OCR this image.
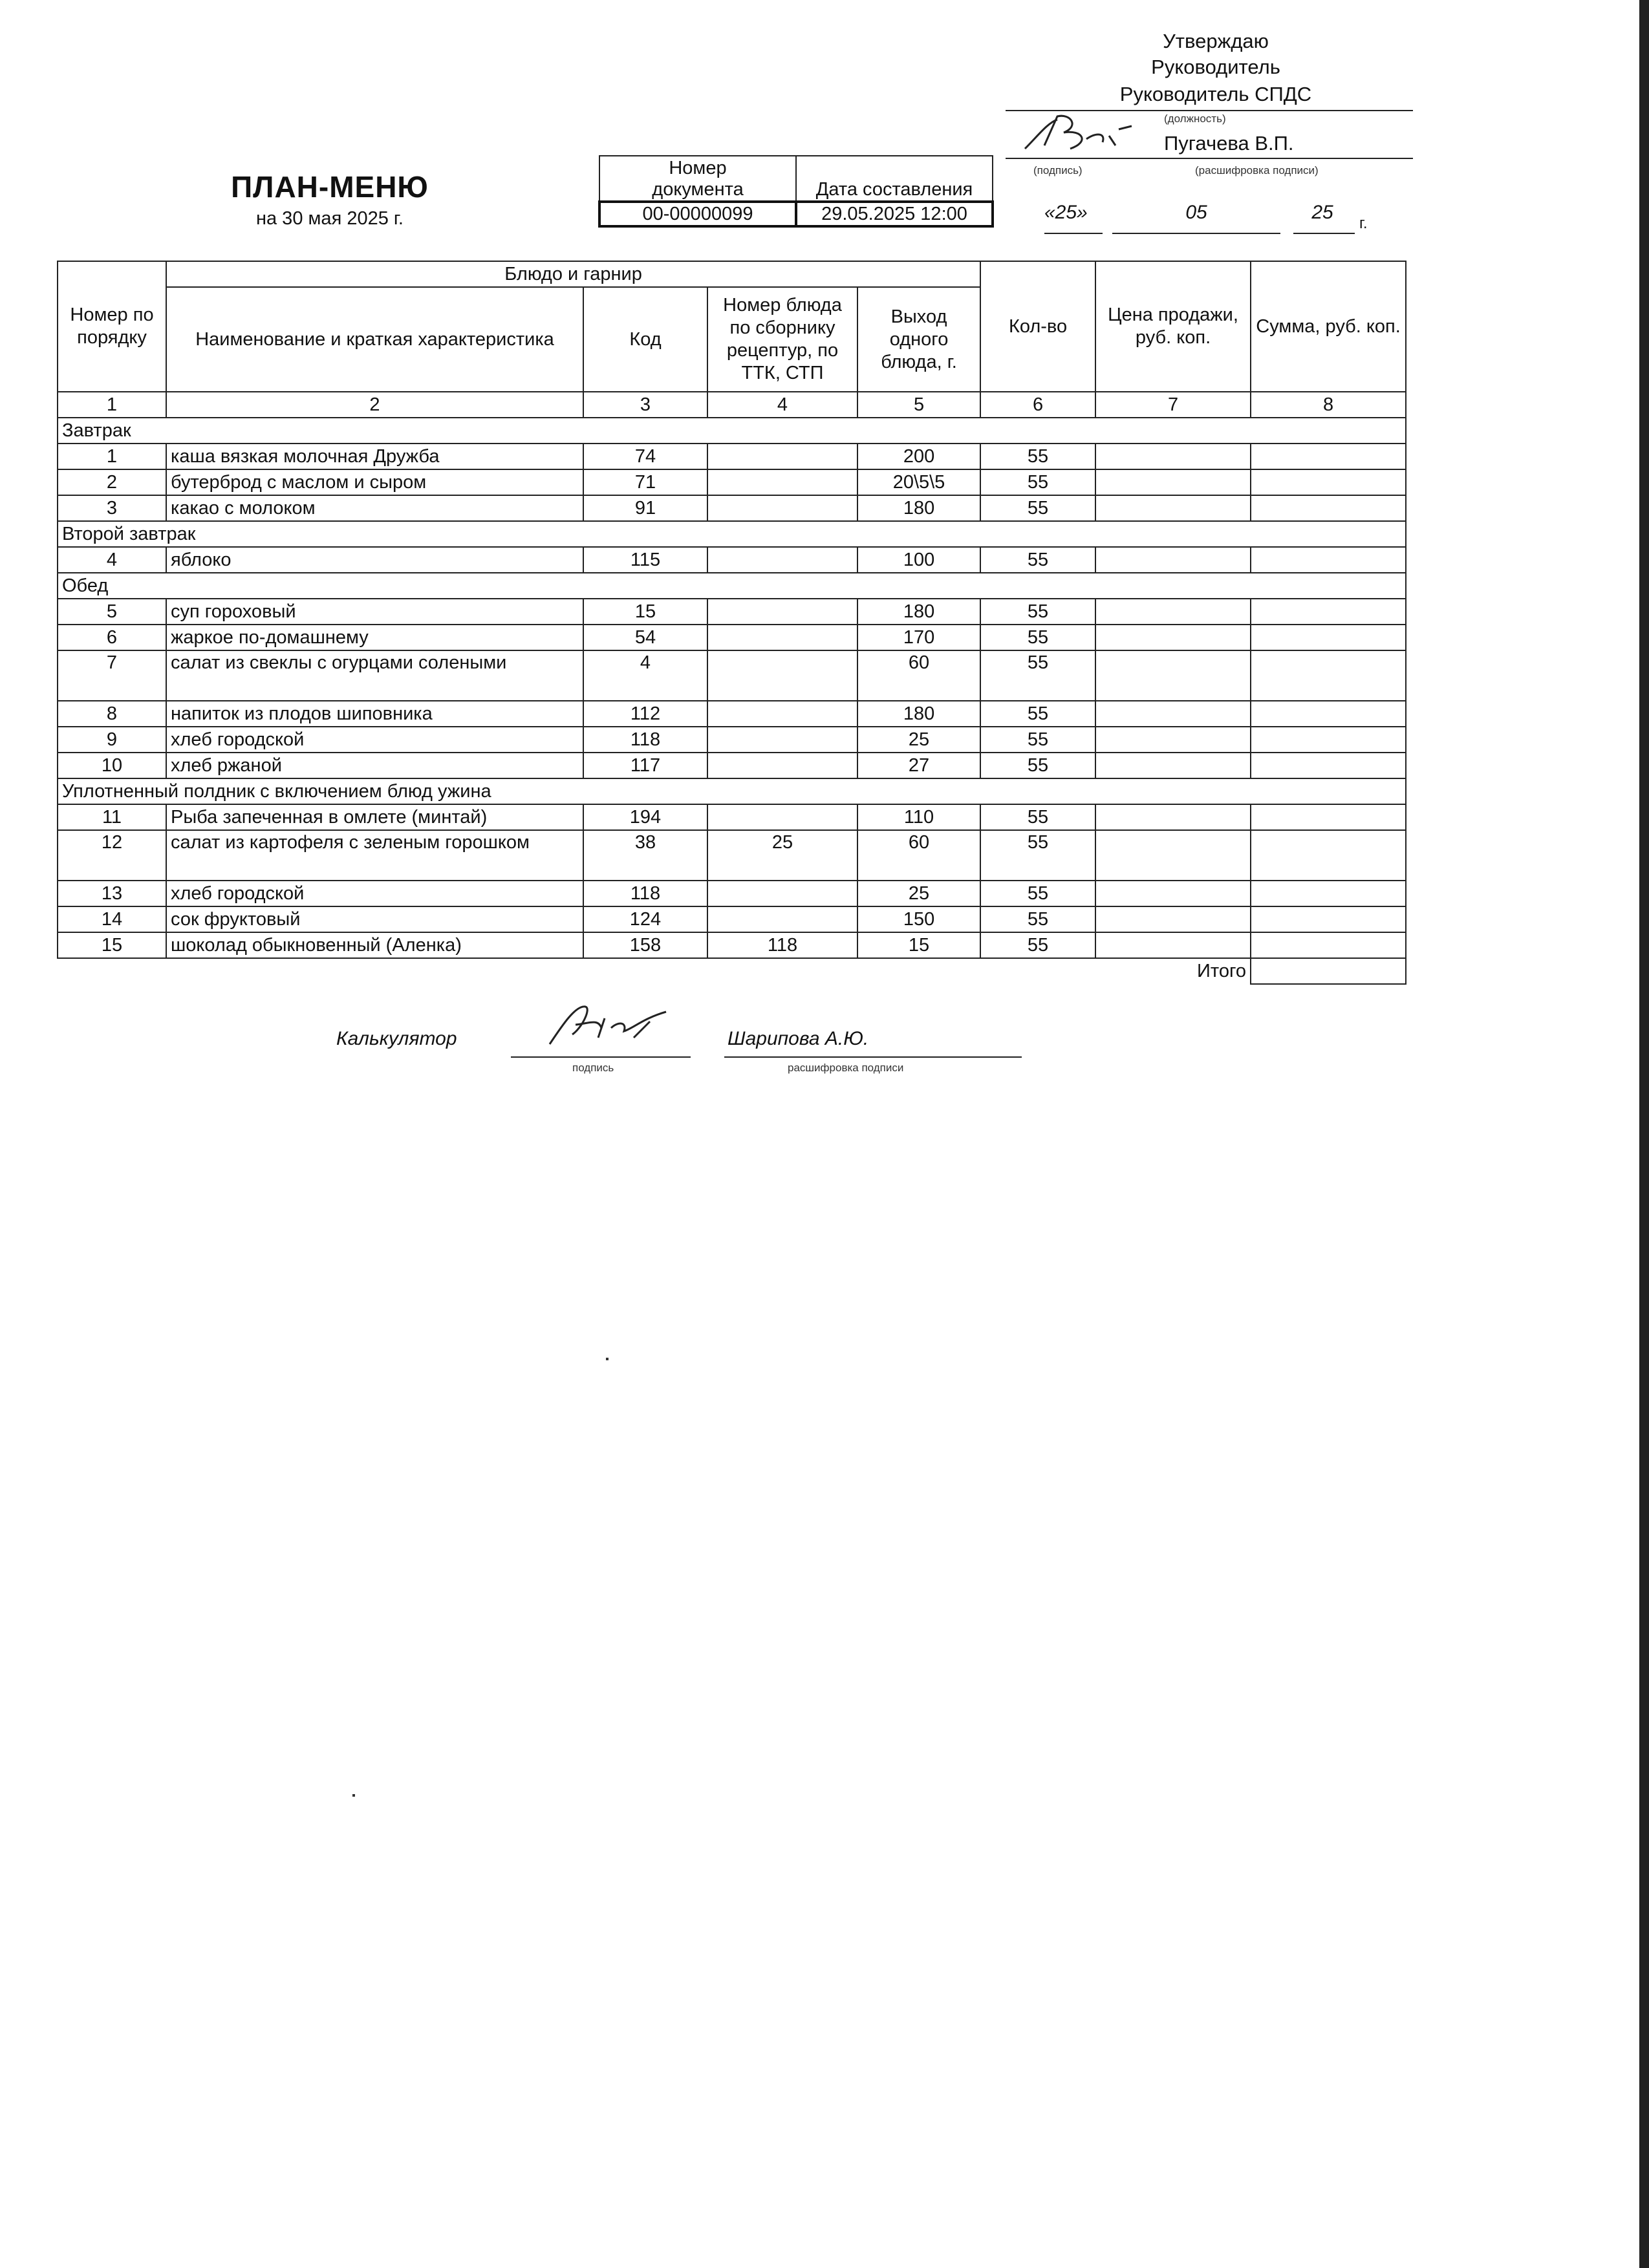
Утверждаю
Руководитель
Руководитель СПДС
(должность)
Пугачева В.П.
(подпись)	(расшифровка подписи)
«25»	05	25
г.
ПЛАН-МЕНЮ
на 30 мая 2025 г.
Номер
документа	Дата составления
00-00000099	29.05.2025 12:00
Номер по порядку	Блюдо и гарнир				Кол-во	Цена продажи, руб. коп.	Сумма, руб. коп.
	Наименование и краткая характеристика	Код	Номер блюда по сборнику рецептур, по ТТК, СТП	Выход одного блюда, г.			
1	2	3	4	5	6	7	8
Завтрак							
1	каша вязкая молочная Дружба	74		200	55		
2	бутерброд с маслом и сыром	71		20\5\5	55		
3	какао с молоком	91		180	55		
Второй завтрак							
4	яблоко	115		100	55		
Обед							
5	суп гороховый	15		180	55		
6	жаркое по-домашнему	54		170	55		
7	салат из свеклы с огурцами солеными	4		60	55		
8	напиток из плодов шиповника	112		180	55		
9	хлеб городской	118		25	55		
10	хлеб ржаной	117		27	55		
Уплотненный полдник с включением блюд ужина							
11	Рыба запеченная в омлете (минтай)	194		110	55		
12	салат из картофеля с зеленым горошком	38	25	60	55		
13	хлеб городской	118		25	55		
14	сок фруктовый	124		150	55		
15	шоколад обыкновенный (Аленка)	158	118	15	55		
						Итого	
Калькулятор
подпись
Шарипова А.Ю.
расшифровка подписи
